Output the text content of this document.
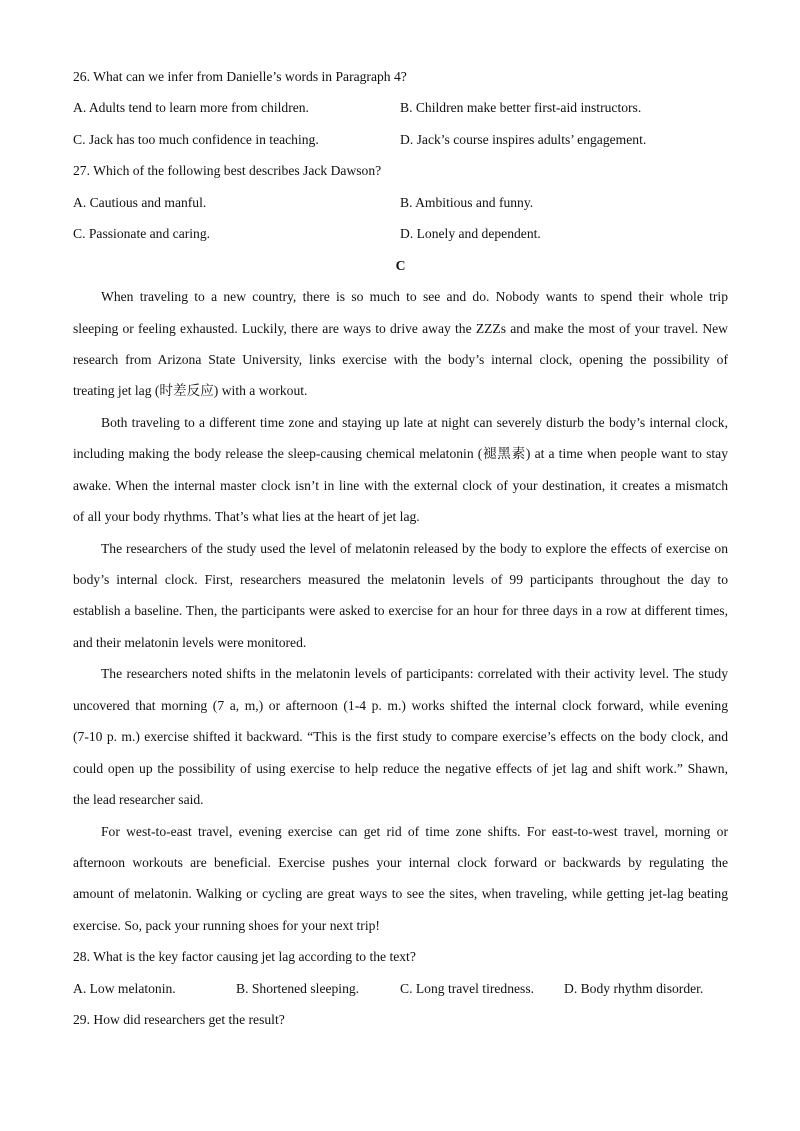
26. What can we infer from Danielle’s words in Paragraph 4?
A. Adults tend to learn more from children.	B. Children make better first-aid instructors.
C. Jack has too much confidence in teaching.	D. Jack’s course inspires adults’ engagement.
27. Which of the following best describes Jack Dawson?
A. Cautious and manful.	B. Ambitious and funny.
C. Passionate and caring.	D. Lonely and dependent.
C
When traveling to a new country, there is so much to see and do. Nobody wants to spend their whole trip
sleeping or feeling exhausted. Luckily, there are ways to drive away the ZZZs and make the most of your travel. New
research from Arizona State University, links exercise with the body’s internal clock, opening the possibility of
treating jet lag (时差反应) with a workout.
Both traveling to a different time zone and staying up late at night can severely disturb the body’s internal clock,
including making the body release the sleep-causing chemical melatonin (褪黑素) at a time when people want to stay
awake. When the internal master clock isn’t in line with the external clock of your destination, it creates a mismatch
of all your body rhythms. That’s what lies at the heart of jet lag.
The researchers of the study used the level of melatonin released by the body to explore the effects of exercise on
body’s internal clock. First, researchers measured the melatonin levels of 99 participants throughout the day to
establish a baseline. Then, the participants were asked to exercise for an hour for three days in a row at different times,
and their melatonin levels were monitored.
The researchers noted shifts in the melatonin levels of participants: correlated with their activity level. The study
uncovered that morning (7 a, m,) or afternoon (1-4 p. m.) works shifted the internal clock forward, while evening
(7-10 p. m.) exercise shifted it backward. “This is the first study to compare exercise’s effects on the body clock, and
could open up the possibility of using exercise to help reduce the negative effects of jet lag and shift work.” Shawn,
the lead researcher said.
For west-to-east travel, evening exercise can get rid of time zone shifts. For east-to-west travel, morning or
afternoon workouts are beneficial. Exercise pushes your internal clock forward or backwards by regulating the
amount of melatonin. Walking or cycling are great ways to see the sites, when traveling, while getting jet-lag beating
exercise. So, pack your running shoes for your next trip!
28. What is the key factor causing jet lag according to the text?
A. Low melatonin.	B. Shortened sleeping.	C. Long travel tiredness. D. Body rhythm disorder.
29. How did researchers get the result?
